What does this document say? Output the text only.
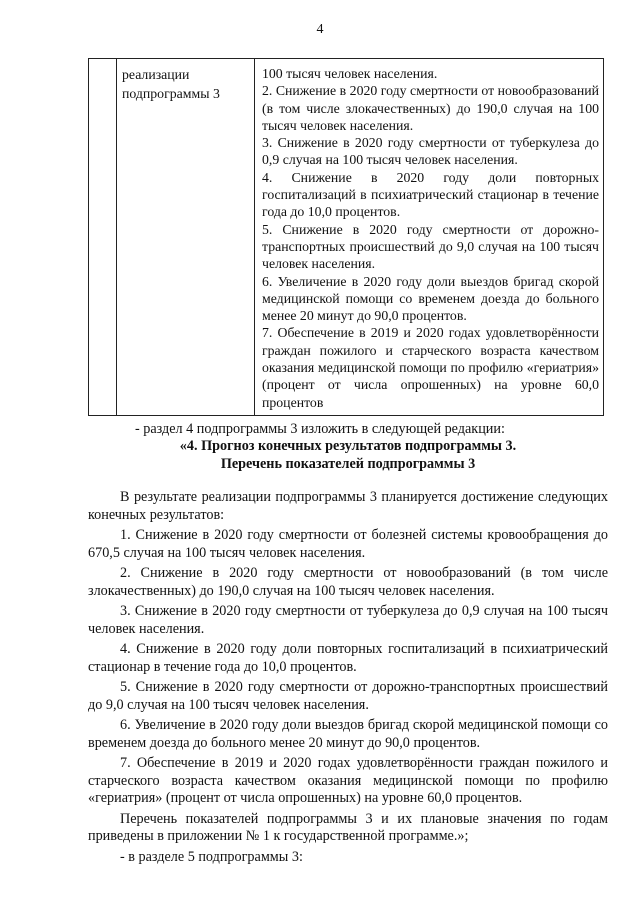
4
реализации
подпрограммы 3

100 тысяч человек населения.

2. Снижение в 2020 году смертности от новообразований (в том числе злокачественных) до 190,0 случая на 100 тысяч человек населения.

3. Снижение в 2020 году смертности от туберкулеза до 0,9 случая на 100 тысяч человек населения.

4. Снижение в 2020 году доли повторных госпитализаций в психиатрический стационар в течение года до 10,0 процентов.

5. Снижение в 2020 году смертности от дорожно-транспортных происшествий до 9,0 случая на 100 тысяч человек населения.

6. Увеличение в 2020 году доли выездов бригад скорой медицинской помощи со временем доезда до больного менее 20 минут до 90,0 процентов.

7. Обеспечение в 2019 и 2020 годах удовлетворённости граждан пожилого и старческого возраста качеством оказания медицинской помощи по профилю «гериатрия» (процент от числа опрошенных) на уровне 60,0 процентов

- раздел 4 подпрограммы 3 изложить в следующей редакции:

«4. Прогноз конечных результатов подпрограммы 3.

Перечень показателей подпрограммы 3

В результате реализации подпрограммы 3 планируется достижение следующих конечных результатов:

1. Снижение в 2020 году смертности от болезней системы кровообращения до 670,5 случая на 100 тысяч человек населения.

2. Снижение в 2020 году смертности от новообразований (в том числе злокачественных) до 190,0 случая на 100 тысяч человек населения.

3. Снижение в 2020 году смертности от туберкулеза до 0,9 случая на 100 тысяч человек населения.

4. Снижение в 2020 году доли повторных госпитализаций в психиатрический стационар в течение года до 10,0 процентов.

5. Снижение в 2020 году смертности от дорожно-транспортных происшествий до 9,0 случая на 100 тысяч человек населения.

6. Увеличение в 2020 году доли выездов бригад скорой медицинской помощи со временем доезда до больного менее 20 минут до 90,0 процентов.

7. Обеспечение в 2019 и 2020 годах удовлетворённости граждан пожилого и старческого возраста качеством оказания медицинской помощи по профилю «гериатрия» (процент от числа опрошенных) на уровне 60,0 процентов.

Перечень показателей подпрограммы 3 и их плановые значения по годам приведены в приложении № 1 к государственной программе.»;

- в разделе 5 подпрограммы 3:
